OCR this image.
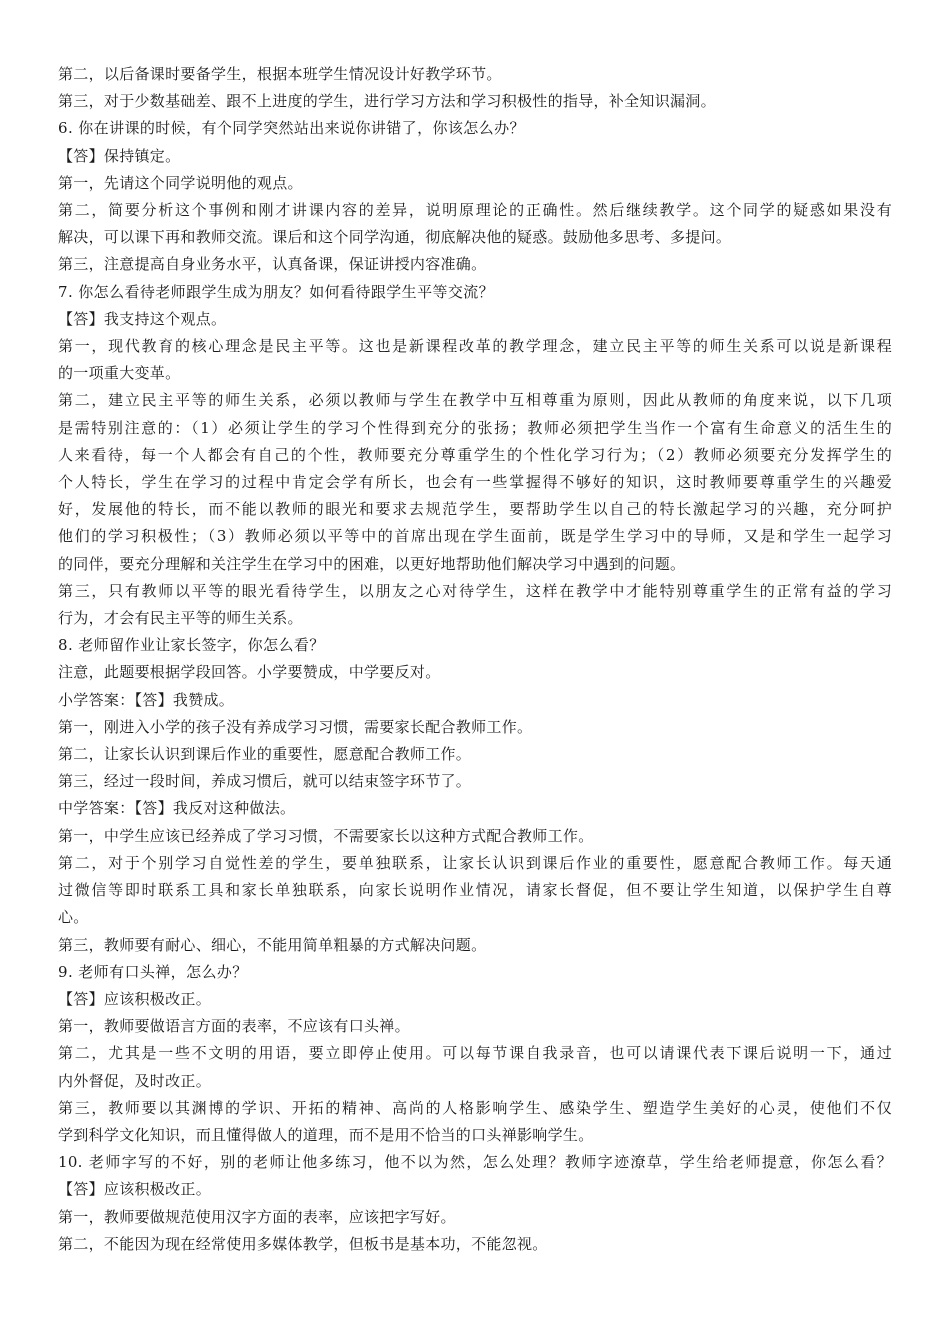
第二，以后备课时要备学生，根据本班学生情况设计好教学环节。
第三，对于少数基础差、跟不上进度的学生，进行学习方法和学习积极性的指导，补全知识漏洞。
6. 你在讲课的时候，有个同学突然站出来说你讲错了，你该怎么办？
【答】保持镇定。
第一，先请这个同学说明他的观点。
第二，简要分析这个事例和刚才讲课内容的差异，说明原理论的正确性。然后继续教学。这个同学的疑惑如果没有
解决，可以课下再和教师交流。课后和这个同学沟通，彻底解决他的疑惑。鼓励他多思考、多提问。
第三，注意提高自身业务水平，认真备课，保证讲授内容准确。
7. 你怎么看待老师跟学生成为朋友？如何看待跟学生平等交流？
【答】我支持这个观点。
第一，现代教育的核心理念是民主平等。这也是新课程改革的教学理念，建立民主平等的师生关系可以说是新课程
的一项重大变革。
第二，建立民主平等的师生关系，必须以教师与学生在教学中互相尊重为原则，因此从教师的角度来说，以下几项
是需特别注意的：（1）必须让学生的学习个性得到充分的张扬；教师必须把学生当作一个富有生命意义的活生生的
人来看待，每一个人都会有自己的个性，教师要充分尊重学生的个性化学习行为；（2）教师必须要充分发挥学生的
个人特长，学生在学习的过程中肯定会学有所长，也会有一些掌握得不够好的知识，这时教师要尊重学生的兴趣爱
好，发展他的特长，而不能以教师的眼光和要求去规范学生，要帮助学生以自己的特长激起学习的兴趣，充分呵护
他们的学习积极性；（3）教师必须以平等中的首席出现在学生面前，既是学生学习中的导师，又是和学生一起学习
的同伴，要充分理解和关注学生在学习中的困难，以更好地帮助他们解决学习中遇到的问题。
第三，只有教师以平等的眼光看待学生，以朋友之心对待学生，这样在教学中才能特别尊重学生的正常有益的学习
行为，才会有民主平等的师生关系。
8. 老师留作业让家长签字，你怎么看？
注意，此题要根据学段回答。小学要赞成，中学要反对。
小学答案：【答】我赞成。
第一，刚进入小学的孩子没有养成学习习惯，需要家长配合教师工作。
第二，让家长认识到课后作业的重要性，愿意配合教师工作。
第三，经过一段时间，养成习惯后，就可以结束签字环节了。
中学答案：【答】我反对这种做法。
第一，中学生应该已经养成了学习习惯，不需要家长以这种方式配合教师工作。
第二，对于个别学习自觉性差的学生，要单独联系，让家长认识到课后作业的重要性，愿意配合教师工作。每天通
过微信等即时联系工具和家长单独联系，向家长说明作业情况，请家长督促，但不要让学生知道，以保护学生自尊
心。
第三，教师要有耐心、细心，不能用简单粗暴的方式解决问题。
9. 老师有口头禅，怎么办？
【答】应该积极改正。
第一，教师要做语言方面的表率，不应该有口头禅。
第二，尤其是一些不文明的用语，要立即停止使用。可以每节课自我录音，也可以请课代表下课后说明一下，通过
内外督促，及时改正。
第三，教师要以其渊博的学识、开拓的精神、高尚的人格影响学生、感染学生、塑造学生美好的心灵，使他们不仅
学到科学文化知识，而且懂得做人的道理，而不是用不恰当的口头禅影响学生。
10. 老师字写的不好，别的老师让他多练习，他不以为然，怎么处理？教师字迹潦草，学生给老师提意，你怎么看？
【答】应该积极改正。
第一，教师要做规范使用汉字方面的表率，应该把字写好。
第二，不能因为现在经常使用多媒体教学，但板书是基本功，不能忽视。
